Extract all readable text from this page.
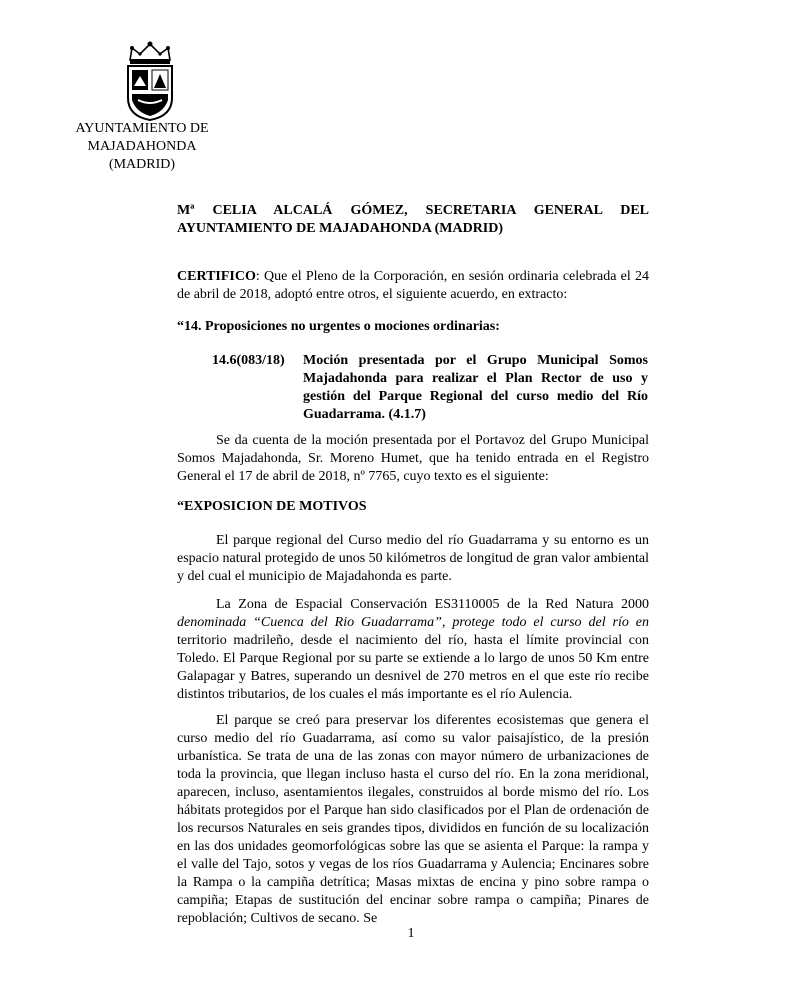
AYUNTAMIENTO DE
MAJADAHONDA
(MADRID)
Mª CELIA ALCALÁ GÓMEZ, SECRETARIA GENERAL DEL AYUNTAMIENTO DE MAJADAHONDA (MADRID)
CERTIFICO: Que el Pleno de la Corporación, en sesión ordinaria celebrada el 24 de abril de 2018, adoptó entre otros, el siguiente acuerdo, en extracto:
“14. Proposiciones no urgentes o mociones ordinarias:
14.6(083/18)	Moción presentada por el Grupo Municipal Somos Majadahonda para realizar el Plan Rector de uso y gestión del Parque Regional del curso medio del Río Guadarrama. (4.1.7)
Se da cuenta de la moción presentada por el Portavoz del Grupo Municipal Somos Majadahonda, Sr. Moreno Humet, que ha tenido entrada en el Registro General el 17 de abril de 2018, nº 7765, cuyo texto es el siguiente:
“EXPOSICION DE MOTIVOS
El parque regional del Curso medio del río Guadarrama y su entorno es un espacio natural protegido de unos 50 kilómetros de longitud de gran valor ambiental y del cual el municipio de Majadahonda es parte.
La Zona de Espacial Conservación ES3110005 de la Red Natura 2000 denominada “Cuenca del Rio Guadarrama”, protege todo el curso del río en territorio madrileño, desde el nacimiento del río, hasta el límite provincial con Toledo. El Parque Regional por su parte se extiende a lo largo de unos 50 Km entre Galapagar y Batres, superando un desnivel de 270 metros en el que este río recibe distintos tributarios, de los cuales el más importante es el río Aulencia.
El parque se creó para preservar los diferentes ecosistemas que genera el curso medio del río Guadarrama, así como su valor paisajístico, de la presión urbanística. Se trata de una de las zonas con mayor número de urbanizaciones de toda la provincia, que llegan incluso hasta el curso del río. En la zona meridional, aparecen, incluso, asentamientos ilegales, construidos al borde mismo del río. Los hábitats protegidos por el Parque han sido clasificados por el Plan de ordenación de los recursos Naturales en seis grandes tipos, divididos en función de su localización en las dos unidades geomorfológicas sobre las que se asienta el Parque: la rampa y el valle del Tajo, sotos y vegas de los ríos Guadarrama y Aulencia; Encinares sobre la Rampa o la campiña detrítica; Masas mixtas de encina y pino sobre rampa o campiña; Etapas de sustitución del encinar sobre rampa o campiña; Pinares de repoblación; Cultivos de secano. Se
1
